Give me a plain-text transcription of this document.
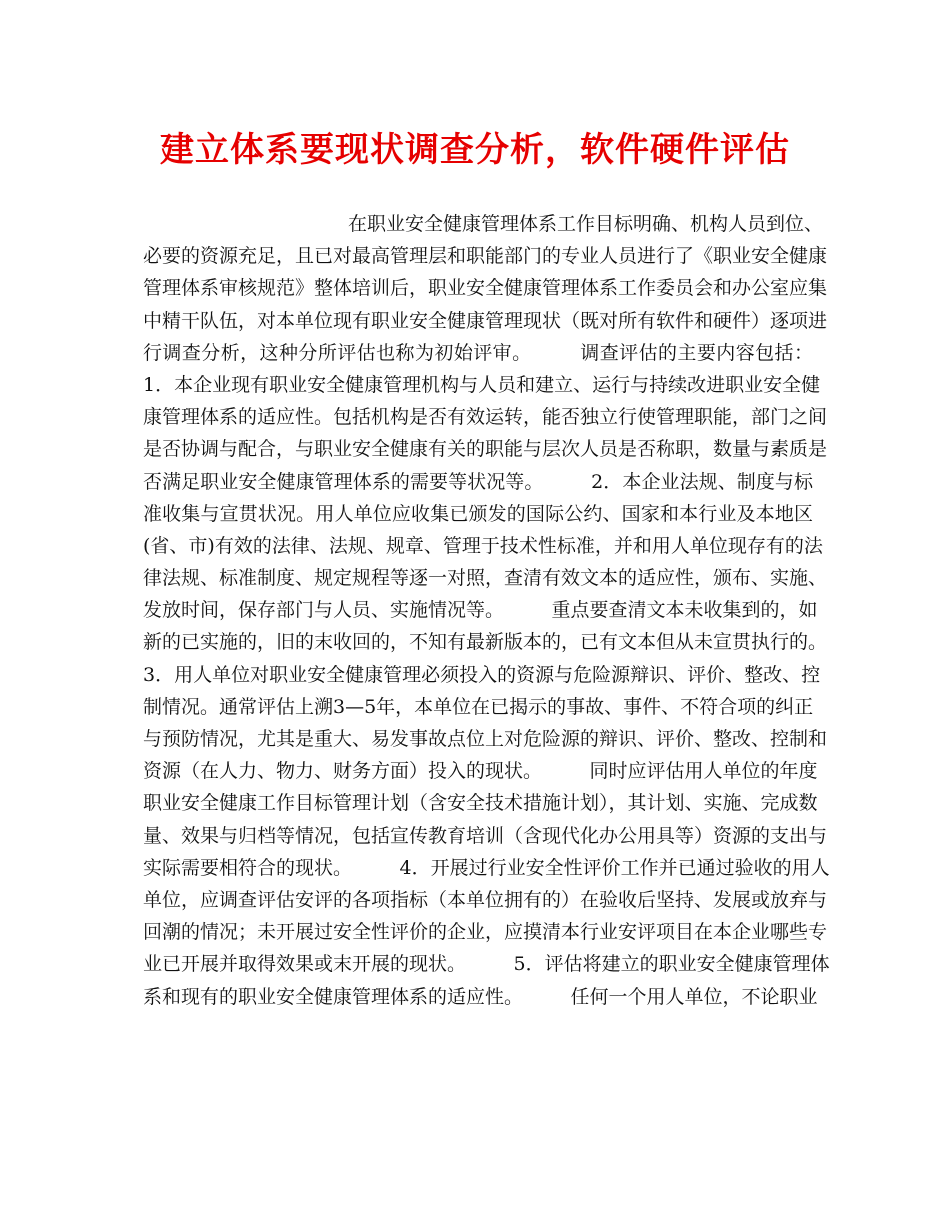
建立体系要现状调查分析，软件硬件评估
在职业安全健康管理体系工作目标明确、机构人员到位、
必要的资源充足，且已对最高管理层和职能部门的专业人员进行了《职业安全健康
管理体系审核规范》整体培训后，职业安全健康管理体系工作委员会和办公室应集
中精干队伍，对本单位现有职业安全健康管理现状（既对所有软件和硬件）逐项进
行调查分析，这种分所评估也称为初始评审。　　　调查评估的主要内容包括：
1．本企业现有职业安全健康管理机构与人员和建立、运行与持续改进职业安全健
康管理体系的适应性。包括机构是否有效运转，能否独立行使管理职能，部门之间
是否协调与配合，与职业安全健康有关的职能与层次人员是否称职，数量与素质是
否满足职业安全健康管理体系的需要等状况等。　　　2．本企业法规、制度与标
准收集与宣贯状况。用人单位应收集已颁发的国际公约、国家和本行业及本地区
(省、市)有效的法律、法规、规章、管理于技术性标准，并和用人单位现存有的法
律法规、标准制度、规定规程等逐一对照，查清有效文本的适应性，颁布、实施、
发放时间，保存部门与人员、实施情况等。　　　重点要查清文本未收集到的，如
新的已实施的，旧的末收回的，不知有最新版本的，已有文本但从未宣贯执行的。
3．用人单位对职业安全健康管理必须投入的资源与危险源辩识、评价、整改、控
制情况。通常评估上溯3—5年，本单位在已揭示的事故、事件、不符合项的纠正
与预防情况，尤其是重大、易发事故点位上对危险源的辩识、评价、整改、控制和
资源（在人力、物力、财务方面）投入的现状。　　　同时应评估用人单位的年度
职业安全健康工作目标管理计划（含安全技术措施计划），其计划、实施、完成数
量、效果与归档等情况，包括宣传教育培训（含现代化办公用具等）资源的支出与
实际需要相符合的现状。　　　4．开展过行业安全性评价工作并已通过验收的用人
单位，应调查评估安评的各项指标（本单位拥有的）在验收后坚持、发展或放弃与
回潮的情况；未开展过安全性评价的企业，应摸清本行业安评项目在本企业哪些专
业已开展并取得效果或末开展的现状。　　　5．评估将建立的职业安全健康管理体
系和现有的职业安全健康管理体系的适应性。　　　任何一个用人单位，不论职业
